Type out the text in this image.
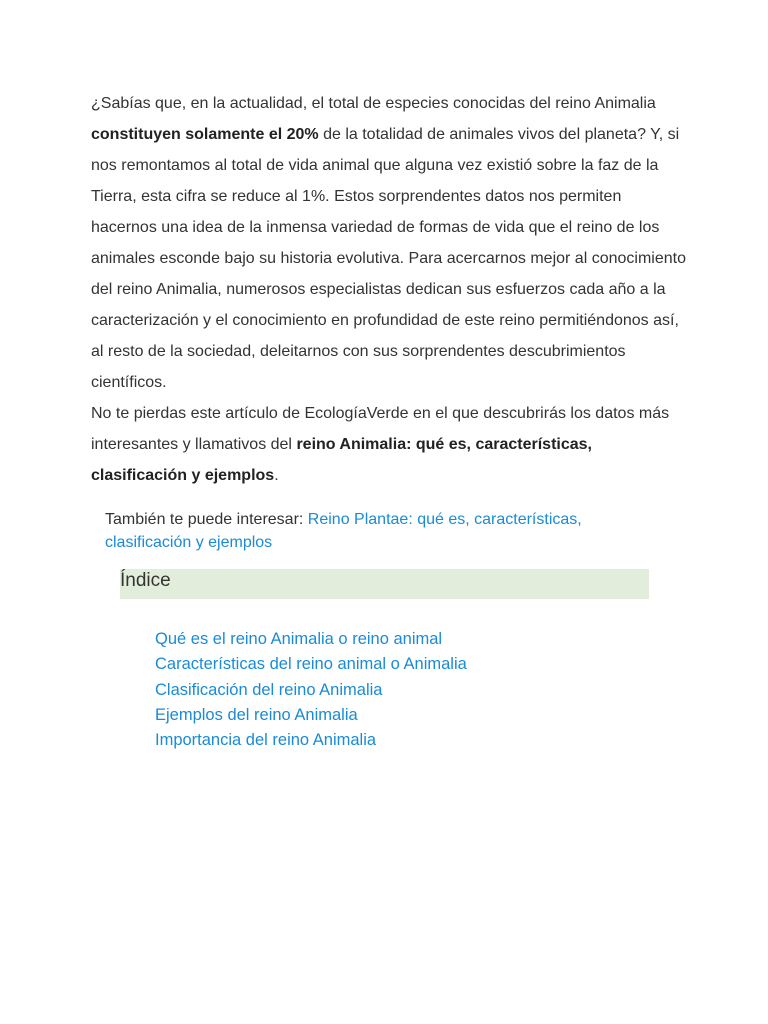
¿Sabías que, en la actualidad, el total de especies conocidas del reino Animalia constituyen solamente el 20% de la totalidad de animales vivos del planeta? Y, si nos remontamos al total de vida animal que alguna vez existió sobre la faz de la Tierra, esta cifra se reduce al 1%. Estos sorprendentes datos nos permiten hacernos una idea de la inmensa variedad de formas de vida que el reino de los animales esconde bajo su historia evolutiva. Para acercarnos mejor al conocimiento del reino Animalia, numerosos especialistas dedican sus esfuerzos cada año a la caracterización y el conocimiento en profundidad de este reino permitiéndonos así, al resto de la sociedad, deleitarnos con sus sorprendentes descubrimientos científicos.

No te pierdas este artículo de EcologíaVerde en el que descubrirás los datos más interesantes y llamativos del reino Animalia: qué es, características, clasificación y ejemplos.

También te puede interesar: Reino Plantae: qué es, características, clasificación y ejemplos
Índice
Qué es el reino Animalia o reino animal
Características del reino animal o Animalia
Clasificación del reino Animalia
Ejemplos del reino Animalia
Importancia del reino Animalia
